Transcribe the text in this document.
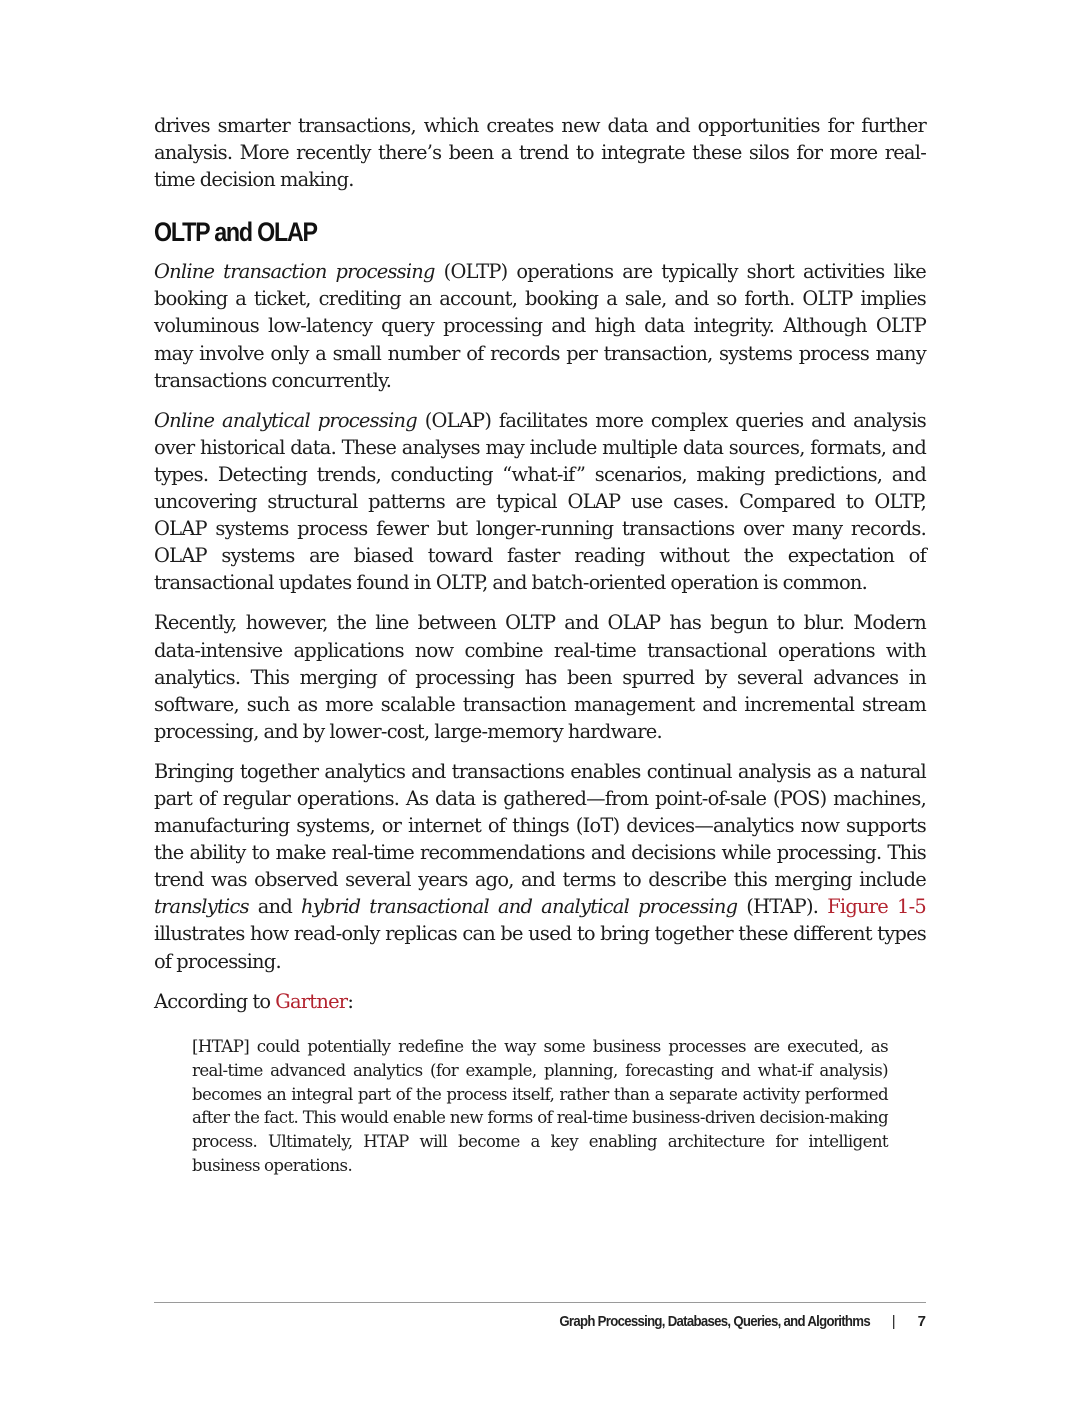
drives smarter transactions, which creates new data and opportunities for further analysis. More recently there’s been a trend to integrate these silos for more real-time decision making.

OLTP and OLAP

Online transaction processing (OLTP) operations are typically short activities like booking a ticket, crediting an account, booking a sale, and so forth. OLTP implies voluminous low-latency query processing and high data integrity. Although OLTP may involve only a small number of records per transaction, systems process many transactions concurrently.

Online analytical processing (OLAP) facilitates more complex queries and analysis over historical data. These analyses may include multiple data sources, formats, and types. Detecting trends, conducting “what-if” scenarios, making predictions, and uncovering structural patterns are typical OLAP use cases. Compared to OLTP, OLAP systems process fewer but longer-running transactions over many records. OLAP systems are biased toward faster reading without the expectation of transactional updates found in OLTP, and batch-oriented operation is common.

Recently, however, the line between OLTP and OLAP has begun to blur. Modern data-intensive applications now combine real-time transactional operations with analytics. This merging of processing has been spurred by several advances in software, such as more scalable transaction management and incremental stream processing, and by lower-cost, large-memory hardware.

Bringing together analytics and transactions enables continual analysis as a natural part of regular operations. As data is gathered—from point-of-sale (POS) machines, manufacturing systems, or internet of things (IoT) devices—analytics now supports the ability to make real-time recommendations and decisions while processing. This trend was observed several years ago, and terms to describe this merging include translytics and hybrid transactional and analytical processing (HTAP). Figure 1-5 illustrates how read-only replicas can be used to bring together these different types of processing.

According to Gartner:

[HTAP] could potentially redefine the way some business processes are executed, as real-time advanced analytics (for example, planning, forecasting and what-if analysis) becomes an integral part of the process itself, rather than a separate activity performed after the fact. This would enable new forms of real-time business-driven decision-making process. Ultimately, HTAP will become a key enabling architecture for intelligent business operations.

Graph Processing, Databases, Queries, and Algorithms | 7
